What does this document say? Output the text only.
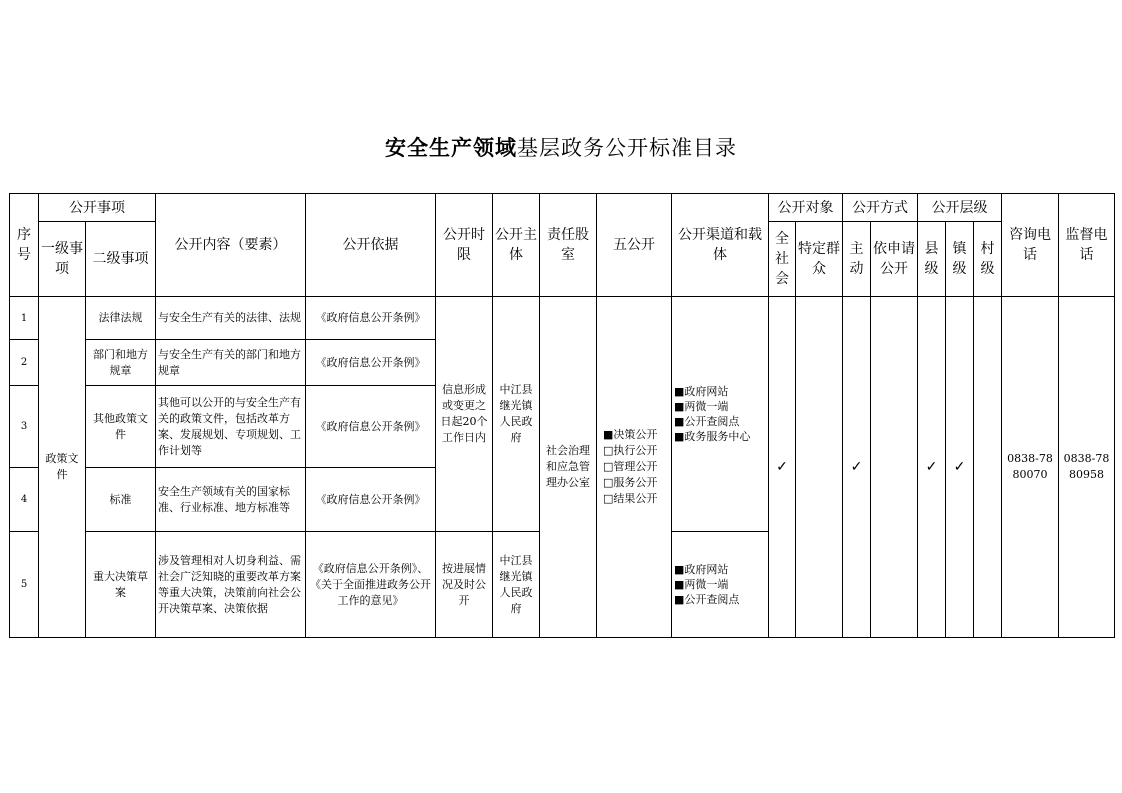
安全生产领域基层政务公开标准目录
序号	公开事项		公开内容（要素）	公开依据	公开时限	公开主体	责任股室	五公开	公开渠道和载体	公开对象		公开方式		公开层级			咨询电话	监督电话
	一级事项	二级事项								全社会	特定群众	主动	依申请公开	县级	镇级	村级		
1	政策文件	法律法规	与安全生产有关的法律、法规	《政府信息公开条例》	信息形成或变更之日起20个工作日内	中江县继光镇人民政府	社会治理和应急管理办公室	■决策公开
□执行公开
□管理公开
□服务公开
□结果公开	■政府网站
■两微一端
■公开查阅点
■政务服务中心	✓		✓		✓	✓		0838-7880070	0838-7880958
2		部门和地方规章	与安全生产有关的部门和地方规章	《政府信息公开条例》														
3		其他政策文件	其他可以公开的与安全生产有关的政策文件，包括改革方案、发展规划、专项规划、工作计划等	《政府信息公开条例》														
4		标准	安全生产领域有关的国家标准、行业标准、地方标准等	《政府信息公开条例》														
5		重大决策草案	涉及管理相对人切身利益、需社会广泛知晓的重要改革方案等重大决策，决策前向社会公开决策草案、决策依据	《政府信息公开条例》、《关于全面推进政务公开工作的意见》	按进展情况及时公开	中江县继光镇人民政府			■政府网站
■两微一端
■公开查阅点									
